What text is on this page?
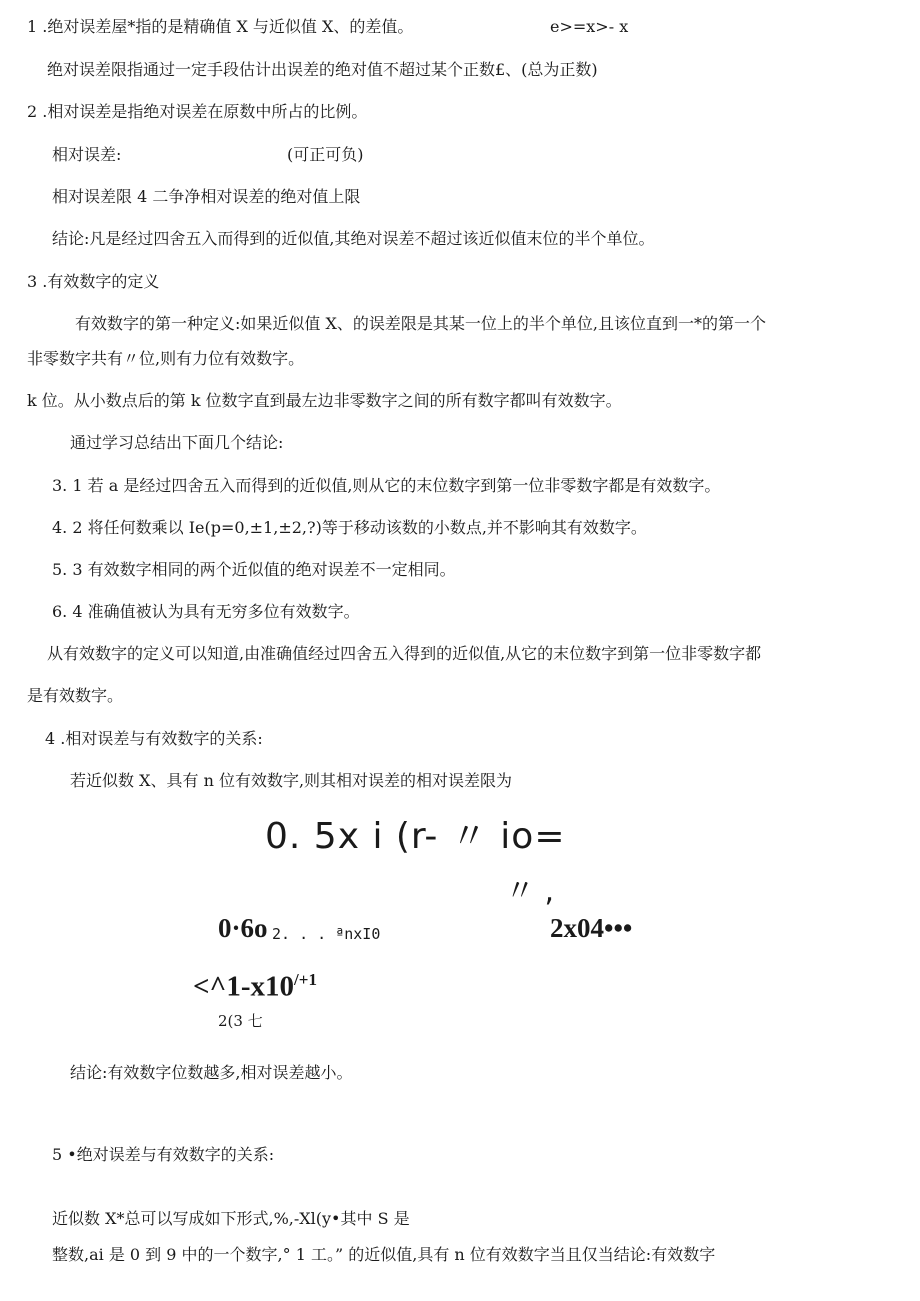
1 .绝对误差屋*指的是精确值 X 与近似值 X、的差值。	e>=x>- x
绝对误差限指通过一定手段估计出误差的绝对值不超过某个正数£、(总为正数)
2 .相对误差是指绝对误差在原数中所占的比例。
相对误差:	(可正可负)
相对误差限 4 二争净相对误差的绝对值上限
结论:凡是经过四舍五入而得到的近似值,其绝对误差不超过该近似值末位的半个单位。
3 .有效数字的定义
有效数字的第一种定义:如果近似值 X、的误差限是其某一位上的半个单位,且该位直到一*的第一个
非零数字共有〃位,则有力位有效数字。
k 位。从小数点后的第 k 位数字直到最左边非零数字之间的所有数字都叫有效数字。
通过学习总结出下面几个结论:
3. 1 若 a 是经过四舍五入而得到的近似值,则从它的末位数字到第一位非零数字都是有效数字。
4. 2 将任何数乘以 Ie(p=0,±1,±2,?)等于移动该数的小数点,并不影响其有效数字。
5. 3 有效数字相同的两个近似值的绝对误差不一定相同。
6. 4 准确值被认为具有无穷多位有效数字。
从有效数字的定义可以知道,由准确值经过四舍五入得到的近似值,从它的末位数字到第一位非零数字都
是有效数字。
4 .相对误差与有效数字的关系:
若近似数 X、具有 n 位有效数字,则其相对误差的相对误差限为
0. 5x i (r- 〃 io=
〃 ,
0·6o 2. . . ªnxI0	2x04•••
$<\^{}1-x10^{/+1}$
2(3 七
结论:有效数字位数越多,相对误差越小。
5 •绝对误差与有效数字的关系:
近似数 X*总可以写成如下形式,%,-Xl(y•其中 S 是
整数,ai 是 0 到 9 中的一个数字,° 1 工。” 的近似值,具有 n 位有效数字当且仅当结论:有效数字
